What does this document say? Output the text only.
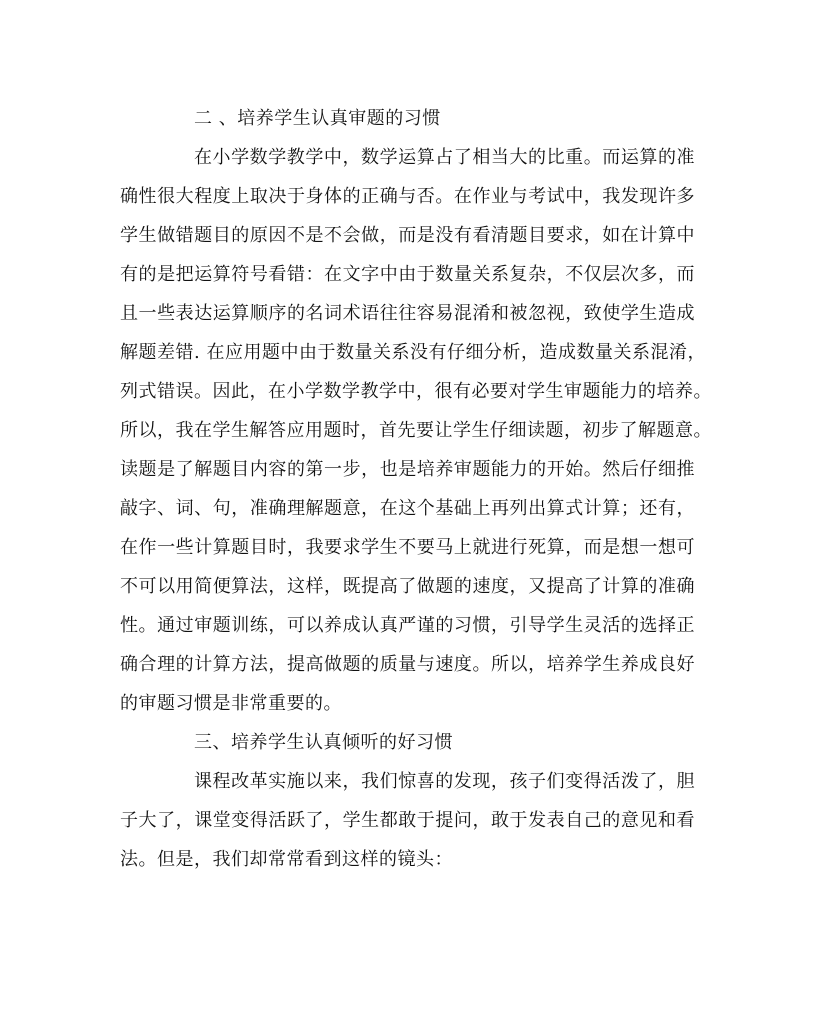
二 、培养学生认真审题的习惯
在小学数学教学中，数学运算占了相当大的比重。而运算的准
确性很大程度上取决于身体的正确与否。在作业与考试中，我发现许多
学生做错题目的原因不是不会做，而是没有看清题目要求，如在计算中
有的是把运算符号看错：在文字中由于数量关系复杂，不仅层次多，而
且一些表达运算顺序的名词术语往往容易混淆和被忽视，致使学生造成
解题差错. 在应用题中由于数量关系没有仔细分析，造成数量关系混淆，
列式错误。因此，在小学数学教学中，很有必要对学生审题能力的培养。
所以，我在学生解答应用题时，首先要让学生仔细读题，初步了解题意。
读题是了解题目内容的第一步，也是培养审题能力的开始。然后仔细推
敲字、词、句，准确理解题意，在这个基础上再列出算式计算；还有，
在作一些计算题目时，我要求学生不要马上就进行死算，而是想一想可
不可以用简便算法，这样，既提高了做题的速度，又提高了计算的准确
性。通过审题训练，可以养成认真严谨的习惯，引导学生灵活的选择正
确合理的计算方法，提高做题的质量与速度。所以，培养学生养成良好
的审题习惯是非常重要的。
三、培养学生认真倾听的好习惯
课程改革实施以来，我们惊喜的发现，孩子们变得活泼了，胆
子大了，课堂变得活跃了，学生都敢于提问，敢于发表自己的意见和看
法。但是，我们却常常看到这样的镜头：
